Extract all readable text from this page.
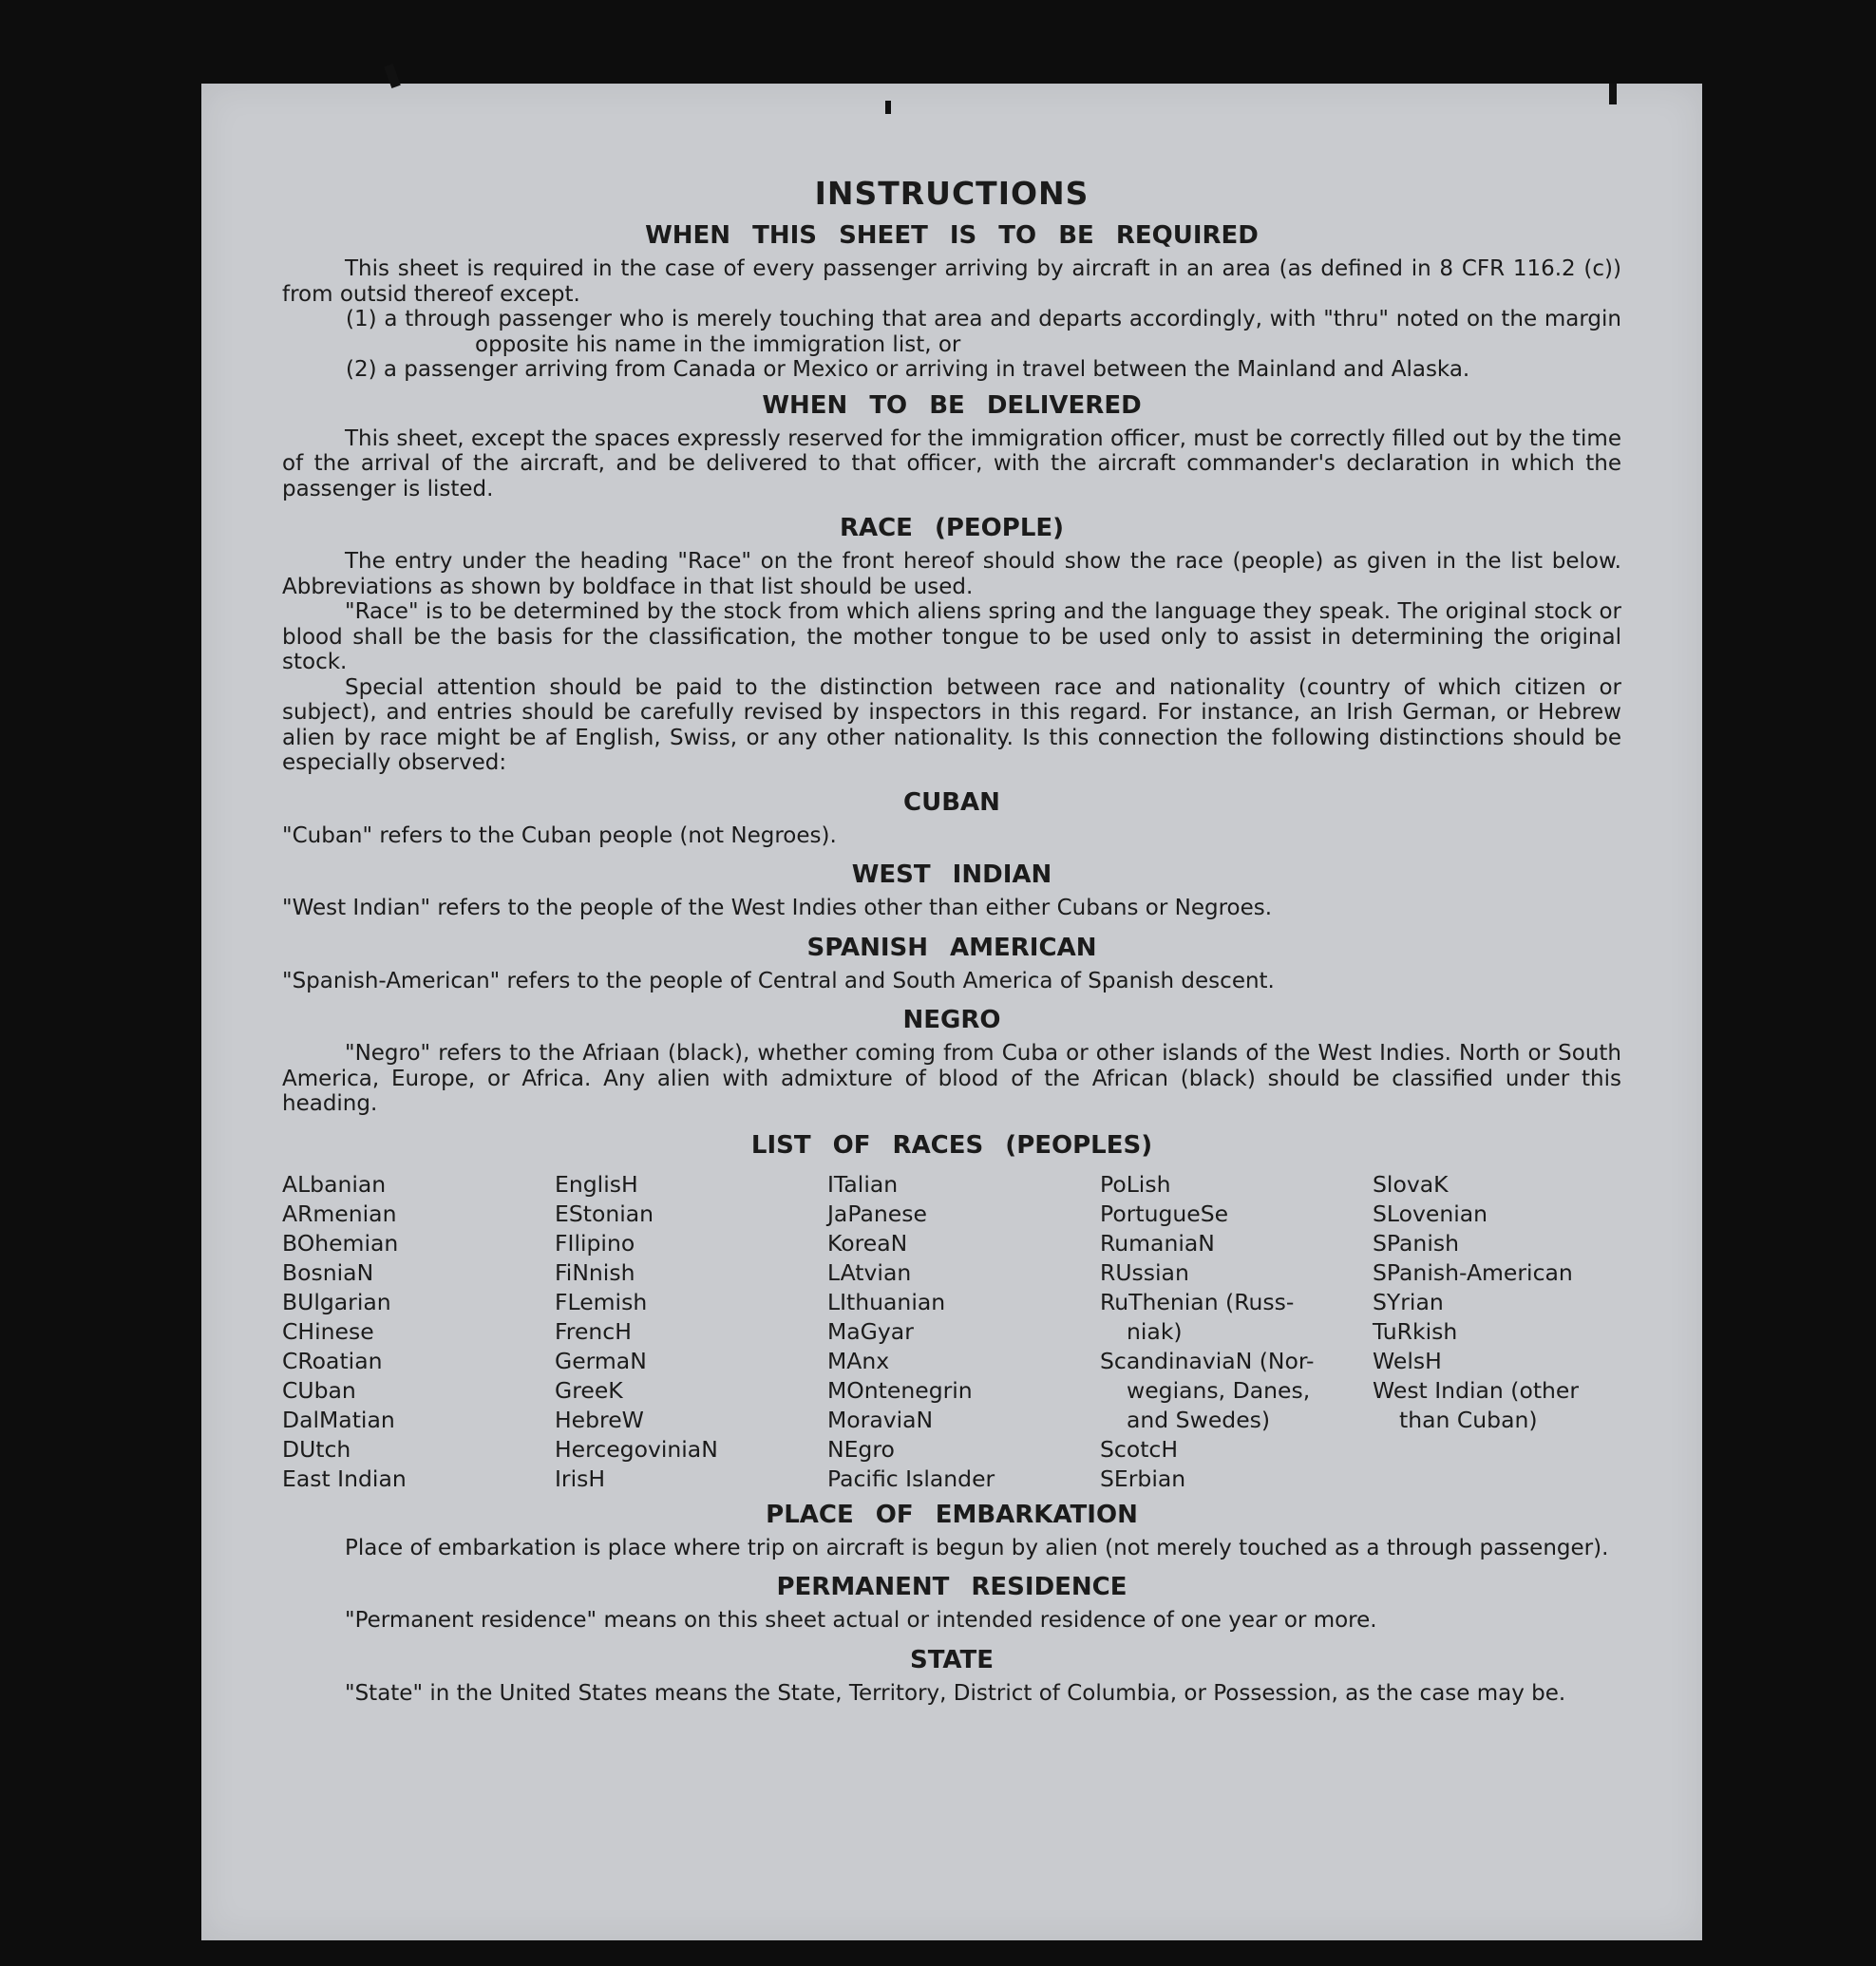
INSTRUCTIONS
WHEN THIS SHEET IS TO BE REQUIRED

This sheet is required in the case of every passenger arriving by aircraft in an area (as defined in 8 CFR 116.2 (c)) from outsid thereof except.

(1) a through passenger who is merely touching that area and departs accordingly, with "thru" noted on the margin opposite his name in the immigration list, or

(2) a passenger arriving from Canada or Mexico or arriving in travel between the Mainland and Alaska.

WHEN TO BE DELIVERED

This sheet, except the spaces expressly reserved for the immigration officer, must be correctly filled out by the time of the arrival of the aircraft, and be delivered to that officer, with the aircraft commander's declaration in which the passenger is listed.

RACE (PEOPLE)

The entry under the heading "Race" on the front hereof should show the race (people) as given in the list below. Abbreviations as shown by boldface in that list should be used.

"Race" is to be determined by the stock from which aliens spring and the language they speak. The original stock or blood shall be the basis for the classification, the mother tongue to be used only to assist in determining the original stock.

Special attention should be paid to the distinction between race and nationality (country of which citizen or subject), and entries should be carefully revised by inspectors in this regard. For instance, an Irish German, or Hebrew alien by race might be af English, Swiss, or any other nationality. Is this connection the following distinctions should be especially observed:

CUBAN

"Cuban" refers to the Cuban people (not Negroes).

WEST INDIAN

"West Indian" refers to the people of the West Indies other than either Cubans or Negroes.

SPANISH AMERICAN

"Spanish-American" refers to the people of Central and South America of Spanish descent.

NEGRO

"Negro" refers to the Afriaan (black), whether coming from Cuba or other islands of the West Indies. North or South America, Europe, or Africa. Any alien with admixture of blood of the African (black) should be classified under this heading.

LIST OF RACES (PEOPLES)
ALbanian
ARmenian
BOhemian
BosniaN
BUlgarian
CHinese
CRoatian
CUban
DalMatian
DUtch
East Indian
EnglisH
EStonian
FIlipino
FiNnish
FLemish
FrencH
GermaN
GreeK
HebreW
HercegoviniaN
IrisH
ITalian
JaPanese
KoreaN
LAtvian
LIthuanian
MaGyar
MAnx
MOntenegrin
MoraviaN
NEgro
Pacific Islander
PoLish
PortugueSe
RumaniaN
RUssian
RuThenian (Russ-
niak)
ScandinaviaN (Nor-
wegians, Danes,
and Swedes)
ScotcH
SErbian
SlovaK
SLovenian
SPanish
SPanish-American
SYrian
TuRkish
WelsH
West Indian (other
than Cuban)
PLACE OF EMBARKATION

Place of embarkation is place where trip on aircraft is begun by alien (not merely touched as a through passenger).

PERMANENT RESIDENCE

"Permanent residence" means on this sheet actual or intended residence of one year or more.

STATE

"State" in the United States means the State, Territory, District of Columbia, or Possession, as the case may be.
